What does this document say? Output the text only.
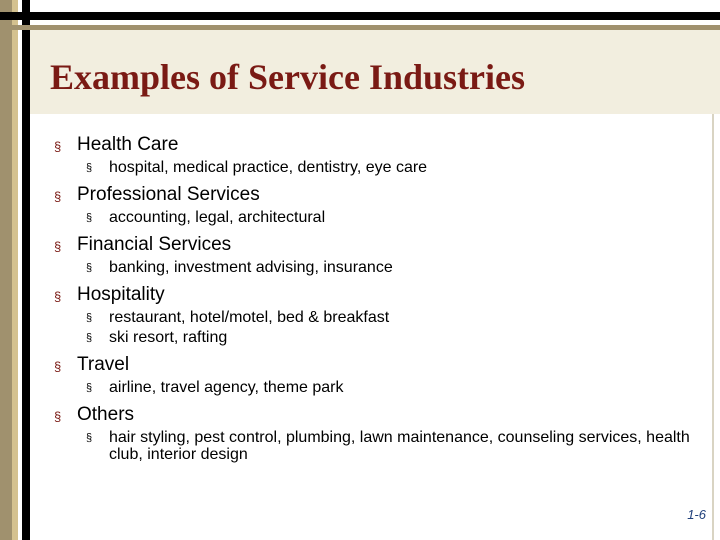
Examples of Service Industries
§ Health Care
§ hospital, medical practice, dentistry, eye care
§ Professional Services
§ accounting, legal, architectural
§ Financial Services
§ banking, investment advising, insurance
§ Hospitality
§ restaurant, hotel/motel, bed & breakfast
§ ski resort, rafting
§ Travel
§ airline, travel agency, theme park
§ Others
§ hair styling, pest control, plumbing, lawn maintenance, counseling services, health club, interior design
1-6
